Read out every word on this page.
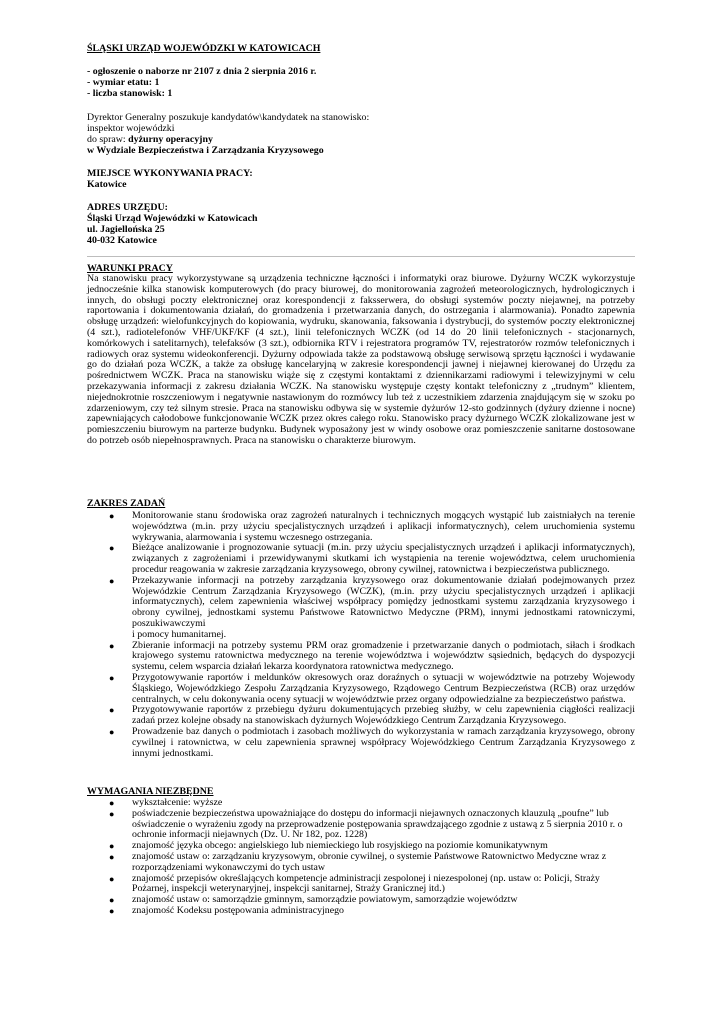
ŚLĄSKI URZĄD WOJEWÓDZKI W KATOWICACH

- ogłoszenie o naborze nr 2107 z dnia 2 sierpnia 2016 r.

- wymiar etatu: 1

- liczba stanowisk: 1

Dyrektor Generalny poszukuje kandydatów\kandydatek na stanowisko:

inspektor wojewódzki

do spraw: dyżurny operacyjny

w Wydziale Bezpieczeństwa i Zarządzania Kryzysowego

MIEJSCE WYKONYWANIA PRACY:

Katowice

ADRES URZĘDU:

Śląski Urząd Wojewódzki w Katowicach

ul. Jagiellońska 25

40-032 Katowice

WARUNKI PRACY

Na stanowisku pracy wykorzystywane są urządzenia techniczne łączności i informatyki oraz biurowe. Dyżurny WCZK wykorzystuje jednocześnie kilka stanowisk komputerowych (do pracy biurowej, do monitorowania zagrożeń meteorologicznych, hydrologicznych i innych, do obsługi poczty elektronicznej oraz korespondencji z faksserwera, do obsługi systemów poczty niejawnej, na potrzeby raportowania i dokumentowania działań, do gromadzenia i przetwarzania danych, do ostrzegania i alarmowania). Ponadto zapewnia obsługę urządzeń: wielofunkcyjnych do kopiowania, wydruku, skanowania, faksowania i dystrybucji, do systemów poczty elektronicznej (4 szt.), radiotelefonów VHF/UKF/KF (4 szt.), linii telefonicznych WCZK (od 14 do 20 linii telefonicznych - stacjonarnych, komórkowych i satelitarnych), telefaksów (3 szt.), odbiornika RTV i rejestratora programów TV, rejestratorów rozmów telefonicznych i radiowych oraz systemu wideokonferencji. Dyżurny odpowiada także za podstawową obsługę serwisową sprzętu łączności i wydawanie go do działań poza WCZK, a także za obsługę kancelaryjną w zakresie korespondencji jawnej i niejawnej kierowanej do Urzędu za pośrednictwem WCZK. Praca na stanowisku wiąże się z częstymi kontaktami z dziennikarzami radiowymi i telewizyjnymi w celu przekazywania informacji z zakresu działania WCZK. Na stanowisku występuje częsty kontakt telefoniczny z „trudnym” klientem, niejednokrotnie roszczeniowym i negatywnie nastawionym do rozmówcy lub też z uczestnikiem zdarzenia znajdującym się w szoku po zdarzeniowym, czy też silnym stresie. Praca na stanowisku odbywa się w systemie dyżurów 12-sto godzinnych (dyżury dzienne i nocne) zapewniających całodobowe funkcjonowanie WCZK przez okres całego roku. Stanowisko pracy dyżurnego WCZK zlokalizowane jest w pomieszczeniu biurowym na parterze budynku. Budynek wyposażony jest w windy osobowe oraz pomieszczenie sanitarne dostosowane do potrzeb osób niepełnosprawnych. Praca na stanowisku o charakterze biurowym.

ZAKRES ZADAŃ

● Monitorowanie stanu środowiska oraz zagrożeń naturalnych i technicznych mogących wystąpić lub zaistniałych na terenie województwa (m.in. przy użyciu specjalistycznych urządzeń i aplikacji informatycznych), celem uruchomienia systemu wykrywania, alarmowania i systemu wczesnego ostrzegania.
● Bieżące analizowanie i prognozowanie sytuacji (m.in. przy użyciu specjalistycznych urządzeń i aplikacji informatycznych), związanych z zagrożeniami i przewidywanymi skutkami ich wystąpienia na terenie województwa, celem uruchomienia procedur reagowania w zakresie zarządzania kryzysowego, obrony cywilnej, ratownictwa i bezpieczeństwa publicznego.
● Przekazywanie informacji na potrzeby zarządzania kryzysowego oraz dokumentowanie działań podejmowanych przez Wojewódzkie Centrum Zarządzania Kryzysowego (WCZK), (m.in. przy użyciu specjalistycznych urządzeń i aplikacji informatycznych), celem zapewnienia właściwej współpracy pomiędzy jednostkami systemu zarządzania kryzysowego i obrony cywilnej, jednostkami systemu Państwowe Ratownictwo Medyczne (PRM), innymi jednostkami ratowniczymi, poszukiwawczymi
i pomocy humanitarnej.
● Zbieranie informacji na potrzeby systemu PRM oraz gromadzenie i przetwarzanie danych o podmiotach, siłach i środkach krajowego systemu ratownictwa medycznego na terenie województwa i województw sąsiednich, będących do dyspozycji systemu, celem wsparcia działań lekarza koordynatora ratownictwa medycznego.
● Przygotowywanie raportów i meldunków okresowych oraz doraźnych o sytuacji w województwie na potrzeby Wojewody Śląskiego, Wojewódzkiego Zespołu Zarządzania Kryzysowego, Rządowego Centrum Bezpieczeństwa (RCB) oraz urzędów centralnych, w celu dokonywania oceny sytuacji w województwie przez organy odpowiedzialne za bezpieczeństwo państwa.
● Przygotowywanie raportów z przebiegu dyżuru dokumentujących przebieg służby, w celu zapewnienia ciągłości realizacji zadań przez kolejne obsady na stanowiskach dyżurnych Wojewódzkiego Centrum Zarządzania Kryzysowego.
● Prowadzenie baz danych o podmiotach i zasobach możliwych do wykorzystania w ramach zarządzania kryzysowego, obrony cywilnej i ratownictwa, w celu zapewnienia sprawnej współpracy Wojewódzkiego Centrum Zarządzania Kryzysowego z innymi jednostkami.

WYMAGANIA NIEZBĘDNE

● wykształcenie: wyższe
● poświadczenie bezpieczeństwa upoważniające do dostępu do informacji niejawnych oznaczonych klauzulą „poufne” lub oświadczenie o wyrażeniu zgody na przeprowadzenie postępowania sprawdzającego zgodnie z ustawą z 5 sierpnia 2010 r. o ochronie informacji niejawnych (Dz. U. Nr 182, poz. 1228)
● znajomość języka obcego: angielskiego lub niemieckiego lub rosyjskiego na poziomie komunikatywnym
● znajomość ustaw o: zarządzaniu kryzysowym, obronie cywilnej, o systemie Państwowe Ratownictwo Medyczne wraz z rozporządzeniami wykonawczymi do tych ustaw
● znajomość przepisów określających kompetencje administracji zespolonej i niezespolonej (np. ustaw o: Policji, Straży Pożarnej, inspekcji weterynaryjnej, inspekcji sanitarnej, Straży Granicznej itd.)
● znajomość ustaw o: samorządzie gminnym, samorządzie powiatowym, samorządzie województw
● znajomość Kodeksu postępowania administracyjnego
